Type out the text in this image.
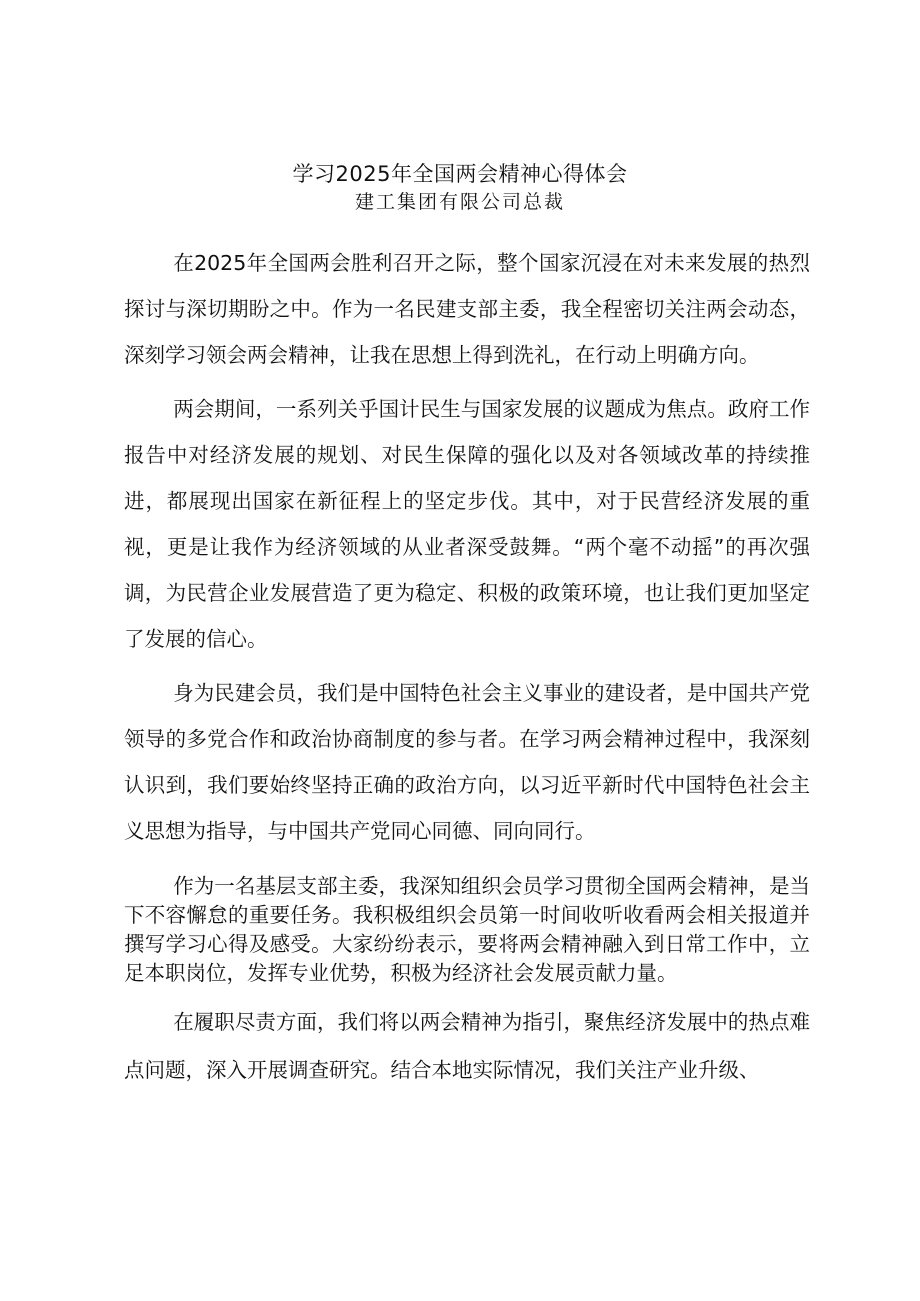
学习2025年全国两会精神心得体会
建工集团有限公司总裁

在2025年全国两会胜利召开之际，整个国家沉浸在对未来发展的热烈探讨与深切期盼之中。作为一名民建支部主委，我全程密切关注两会动态，深刻学习领会两会精神，让我在思想上得到洗礼，在行动上明确方向。

两会期间，一系列关乎国计民生与国家发展的议题成为焦点。政府工作报告中对经济发展的规划、对民生保障的强化以及对各领域改革的持续推进，都展现出国家在新征程上的坚定步伐。其中，对于民营经济发展的重视，更是让我作为经济领域的从业者深受鼓舞。“两个毫不动摇”的再次强调，为民营企业发展营造了更为稳定、积极的政策环境，也让我们更加坚定了发展的信心。

身为民建会员，我们是中国特色社会主义事业的建设者，是中国共产党领导的多党合作和政治协商制度的参与者。在学习两会精神过程中，我深刻认识到，我们要始终坚持正确的政治方向，以习近平新时代中国特色社会主义思想为指导，与中国共产党同心同德、同向同行。

作为一名基层支部主委，我深知组织会员学习贯彻全国两会精神，是当下不容懈怠的重要任务。我积极组织会员第一时间收听收看两会相关报道并撰写学习心得及感受。大家纷纷表示，要将两会精神融入到日常工作中，立足本职岗位，发挥专业优势，积极为经济社会发展贡献力量。

在履职尽责方面，我们将以两会精神为指引，聚焦经济发展中的热点难点问题，深入开展调查研究。结合本地实际情况，我们关注产业升级、
